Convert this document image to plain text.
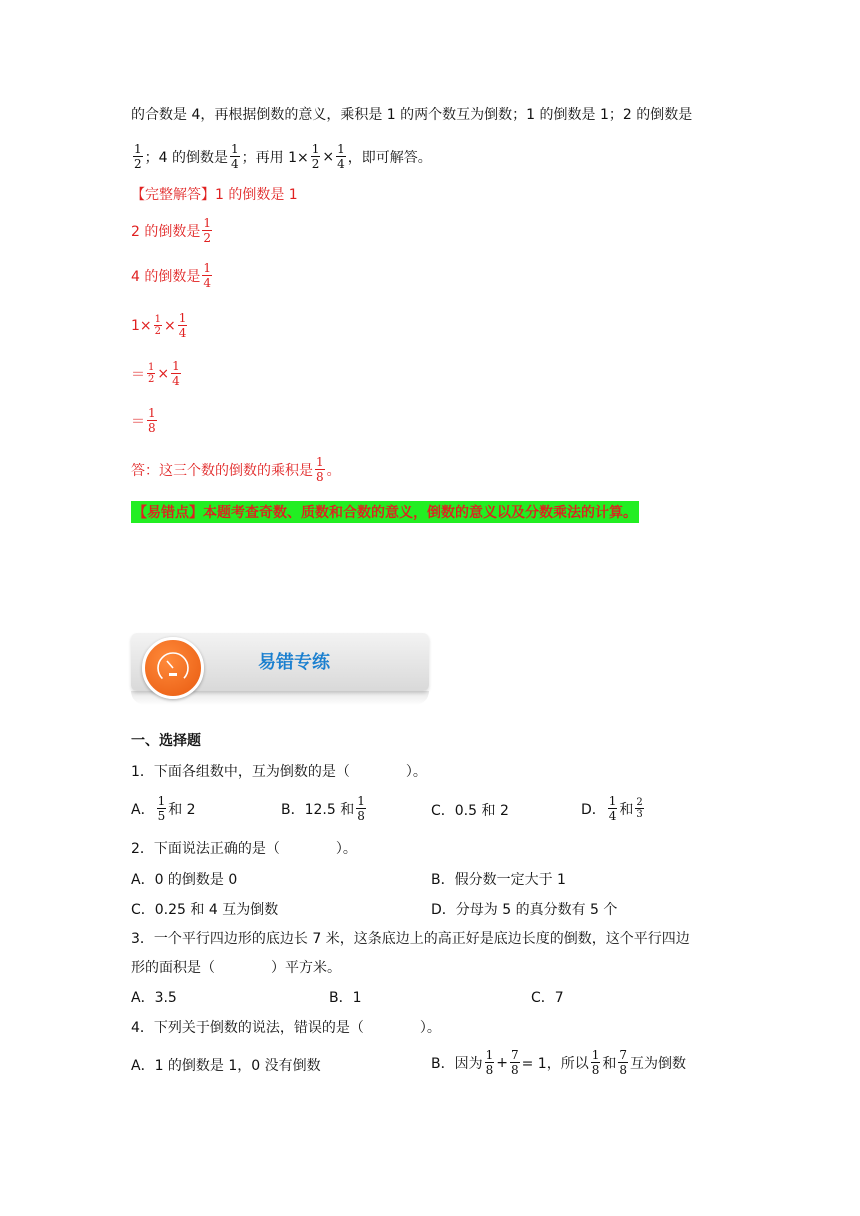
的合数是 4，再根据倒数的意义，乘积是 1 的两个数互为倒数；1 的倒数是 1；2 的倒数是
$\frac{1}{2}$ ；4 的倒数是 $\frac{1}{4}$ ；再用 $1\times \frac{1}{2} \times \frac{1}{4}$ ，即可解答。
【完整解答】1 的倒数是 1
2 的倒数是 $\frac{1}{2}$
4 的倒数是 $\frac{1}{4}$
$1\times \frac{1}{2} \times \frac{1}{4}$
＝ $\frac{1}{2} \times \frac{1}{4}$
＝ $\frac{1}{8}$
答：这三个数的倒数的乘积是 $\frac{1}{8}$ 。
【易错点】本题考查奇数、质数和合数的意义，倒数的意义以及分数乘法的计算。
易错专练
一、选择题
1．下面各组数中，互为倒数的是（　　　　）。
A． $\frac{1}{5}$ 和 2	B．12.5 和 $\frac{1}{8}$	C．0.5 和 2	D． $\frac{1}{4}$ 和 $\frac{2}{3}$
2．下面说法正确的是（　　　　）。
A．0 的倒数是 0	B．假分数一定大于 1
C．0.25 和 4 互为倒数	D．分母为 5 的真分数有 5 个
3．一个平行四边形的底边长 7 米，这条底边上的高正好是底边长度的倒数，这个平行四边
形的面积是（　　　　）平方米。
A．3.5	B．1	C．7
4．下列关于倒数的说法，错误的是（　　　　）。
A．1 的倒数是 1，0 没有倒数	B．因为 $\frac{1}{8} + \frac{7}{8} = 1$，所以 $\frac{1}{8}$ 和 $\frac{7}{8}$ 互为倒数
